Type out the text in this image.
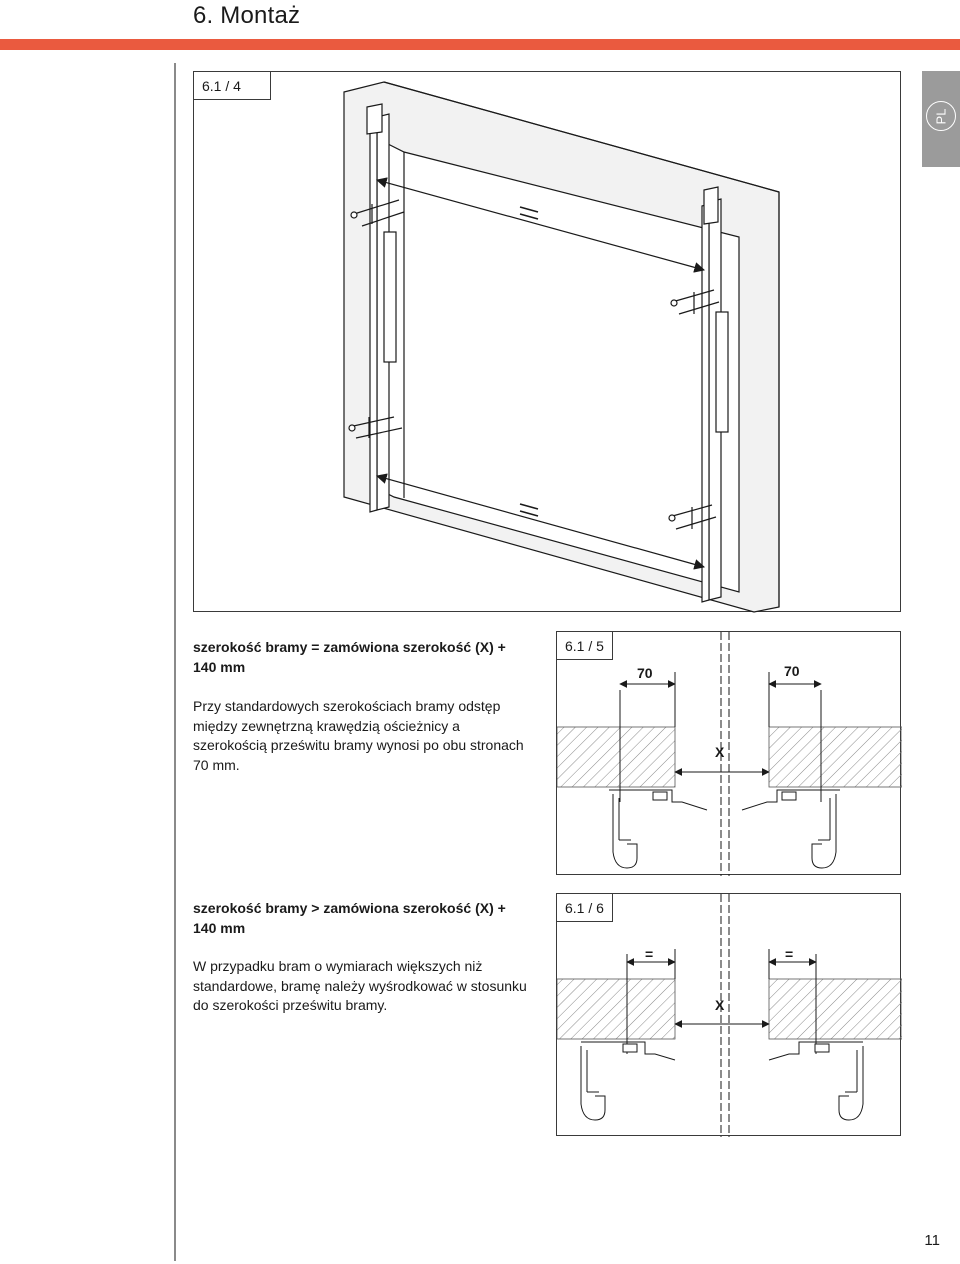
6. Montaż
PL
6.1 / 4
6.1 / 5
70	70
X
6.1 / 6
=	=
X
szerokość bramy = zamówiona szerokość (X) + 140 mm
Przy standardowych szerokościach bramy odstęp między zewnętrzną krawędzią ościeżnicy a szerokością prześwitu bramy wynosi po obu stronach 70 mm.
szerokość bramy > zamówiona szerokość (X) + 140 mm
W przypadku bram o wymiarach większych niż standardowe, bramę należy wyśrodkować w stosunku do szerokości prześwitu bramy.
11
